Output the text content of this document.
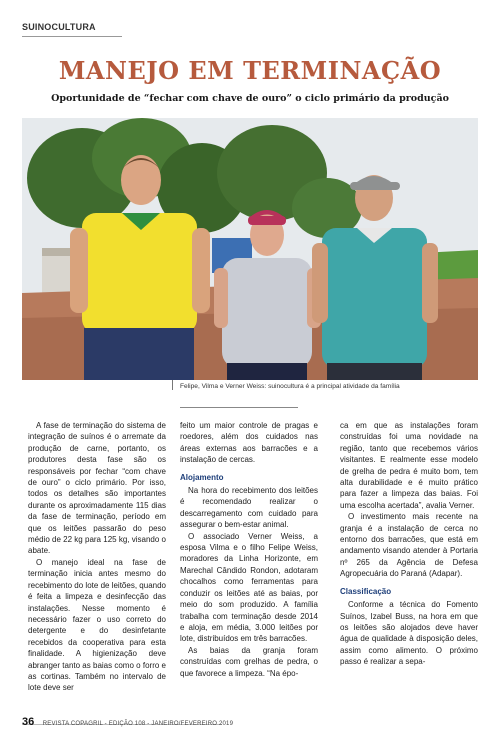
SUINOCULTURA
MANEJO EM TERMINAÇÃO
Oportunidade de “fechar com chave de ouro” o ciclo primário da produção
Felipe, Vilma e Verner Weiss: suinocultura é a principal atividade da família

A fase de terminação do sistema de integração de suínos é o arremate da produção de carne, portanto, os produtores desta fase são os responsáveis por fechar “com chave de ouro” o ciclo primário. Por isso, todos os detalhes são importantes durante os aproximadamente 115 dias da fase de terminação, período em que os leitões passarão do peso médio de 22 kg para 125 kg, visando o abate.

O manejo ideal na fase de terminação inicia antes mesmo do recebimento do lote de leitões, quando é feita a limpeza e desinfecção das instalações. Nesse momento é necessário fazer o uso correto do detergente e do desinfetante recebidos da cooperativa para esta finalidade. A higienização deve abranger tanto as baias como o forro e as cortinas. Também no intervalo de lote deve ser

feito um maior controle de pragas e roedores, além dos cuidados nas áreas externas aos barracões e a instalação de cercas.

Alojamento

Na hora do recebimento dos leitões é recomendado realizar o descarregamento com cuidado para assegurar o bem-estar animal.

O associado Verner Weiss, a esposa Vilma e o filho Felipe Weiss, moradores da Linha Horizonte, em Marechal Cândido Rondon, adotaram chocalhos como ferramentas para conduzir os leitões até as baias, por meio do som produzido. A família trabalha com terminação desde 2014 e aloja, em média, 3.000 leitões por lote, distribuídos em três barracões.

As baias da granja foram construídas com grelhas de pedra, o que favorece a limpeza. “Na épo-

ca em que as instalações foram construídas foi uma novidade na região, tanto que recebemos vários visitantes. E realmente esse modelo de grelha de pedra é muito bom, tem alta durabilidade e é muito prático para fazer a limpeza das baias. Foi uma escolha acertada”, avalia Verner.

O investimento mais recente na granja é a instalação de cerca no entorno dos barracões, que está em andamento visando atender à Portaria nº 265 da Agência de Defesa Agropecuária do Paraná (Adapar).

Classificação

Conforme a técnica do Fomento Suínos, Izabel Buss, na hora em que os leitões são alojados deve haver água de qualidade à disposição deles, assim como alimento. O próximo passo é realizar a sepa-

36 REVISTA COPAGRIL - EDIÇÃO 108 - JANEIRO/FEVEREIRO 2019
